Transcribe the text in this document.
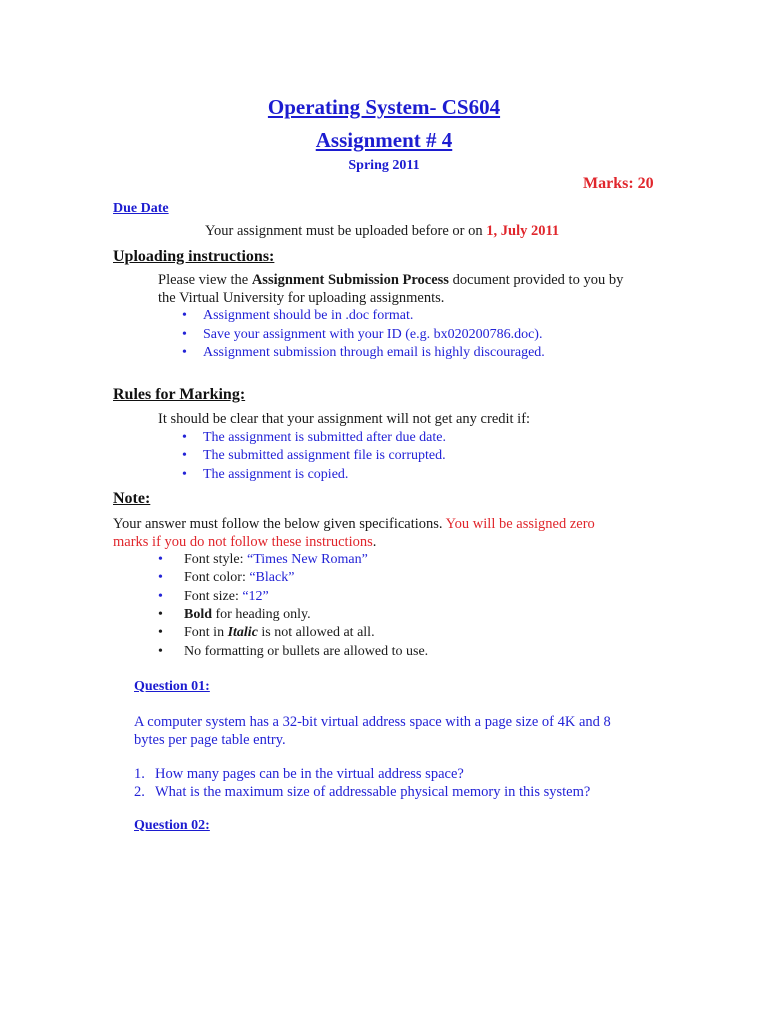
Operating System- CS604
Assignment # 4
Spring 2011
Marks: 20
Due Date
Your assignment must be uploaded before or on 1, July 2011
Uploading instructions:
Please view the Assignment Submission Process document provided to you by
the Virtual University for uploading assignments.
• Assignment should be in .doc format.
• Save your assignment with your ID (e.g. bx020200786.doc).
• Assignment submission through email is highly discouraged.
Rules for Marking:
It should be clear that your assignment will not get any credit if:
• The assignment is submitted after due date.
• The submitted assignment file is corrupted.
• The assignment is copied.
Note:
Your answer must follow the below given specifications. You will be assigned zero
marks if you do not follow these instructions.
• Font style: “Times New Roman”
• Font color: “Black”
• Font size: “12”
• Bold for heading only.
• Font in Italic is not allowed at all.
• No formatting or bullets are allowed to use.
Question 01:
A computer system has a 32-bit virtual address space with a page size of 4K and 8
bytes per page table entry.
1. How many pages can be in the virtual address space?
2. What is the maximum size of addressable physical memory in this system?
Question 02:
